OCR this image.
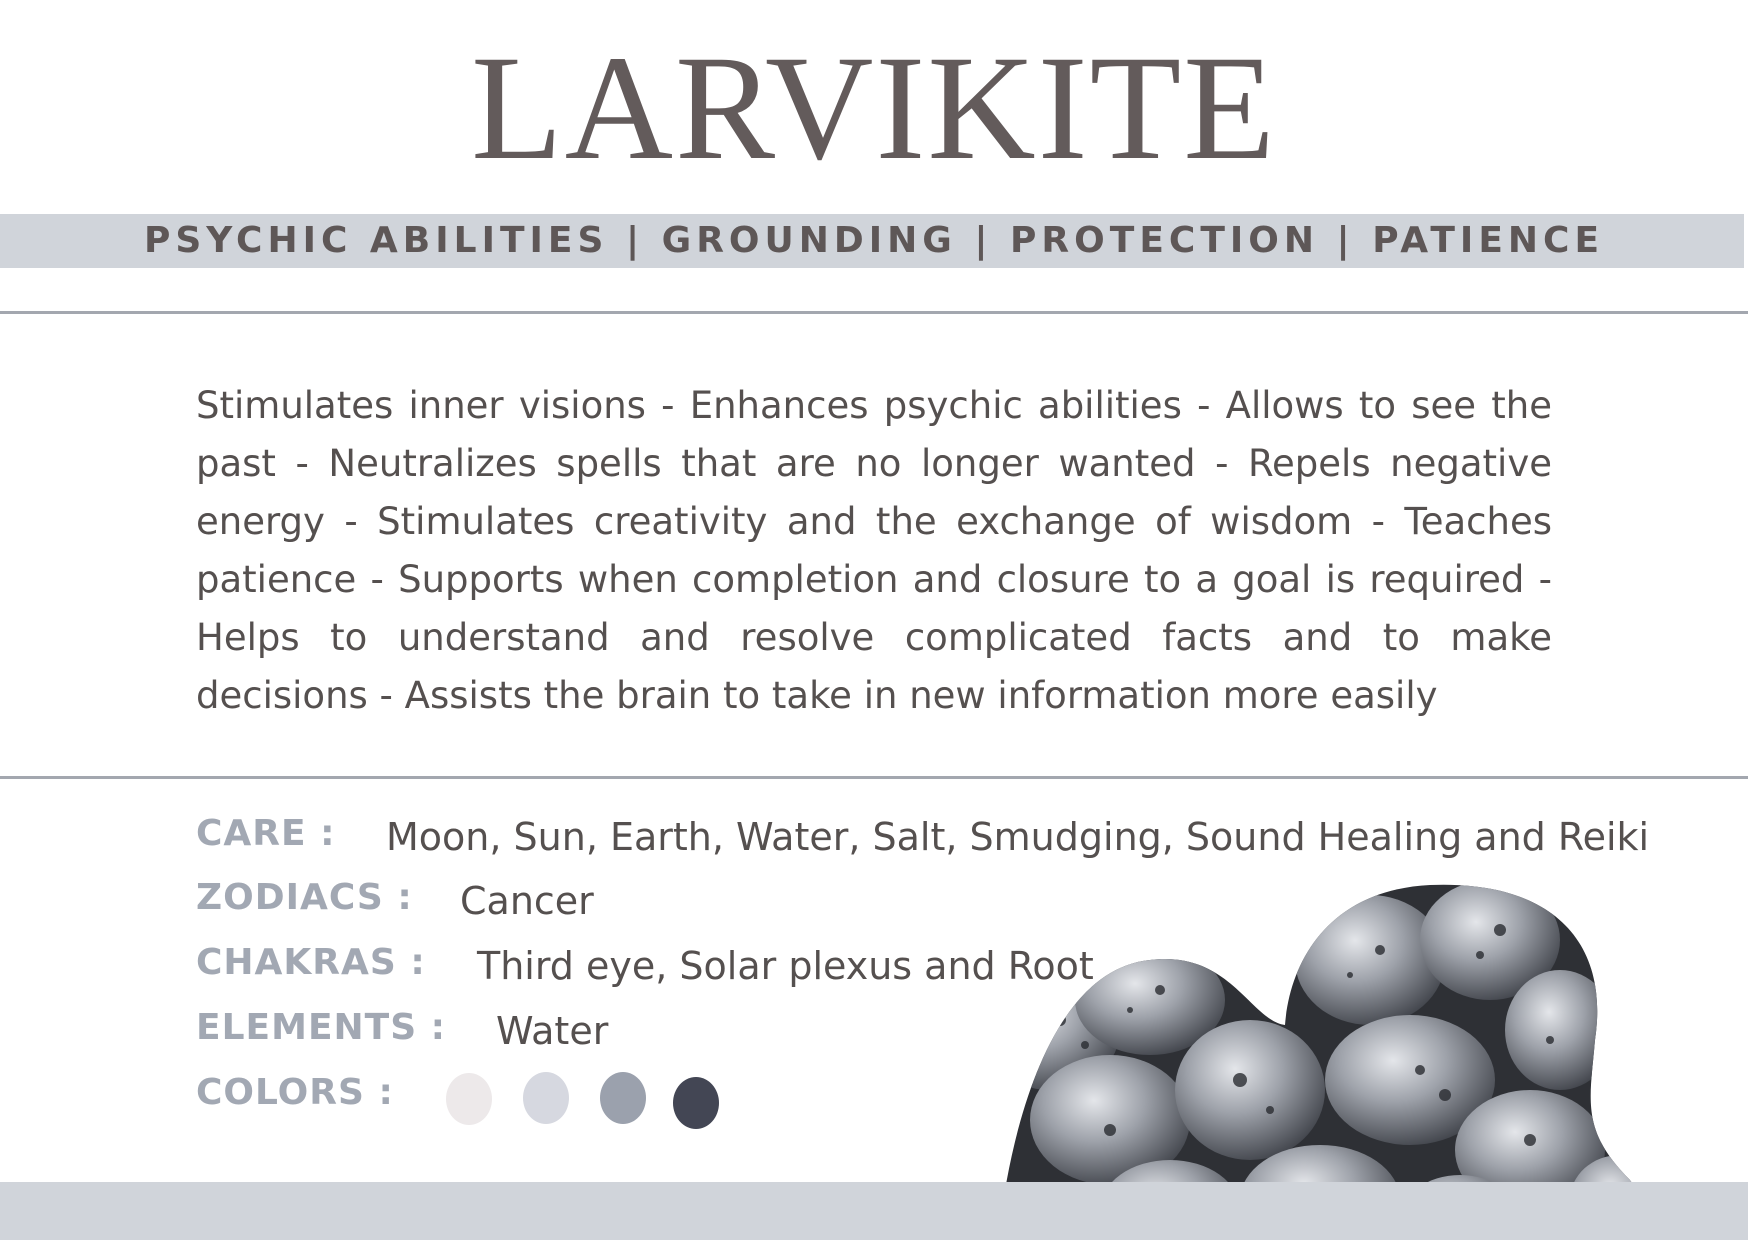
LARVIKITE
PSYCHIC ABILITIES | GROUNDING | PROTECTION | PATIENCE

Stimulates inner visions - Enhances psychic abilities - Allows to see the past - Neutralizes spells that are no longer wanted - Repels negative energy - Stimulates creativity and the exchange of wisdom - Teaches patience - Supports when completion and closure to a goal is required - Helps to understand and resolve complicated facts and to make decisions - Assists the brain to take in new information more easily

CARE : Moon, Sun, Earth, Water, Salt, Smudging, Sound Healing and Reiki
ZODIACS : Cancer
CHAKRAS : Third eye, Solar plexus and Root
ELEMENTS : Water
COLORS :
